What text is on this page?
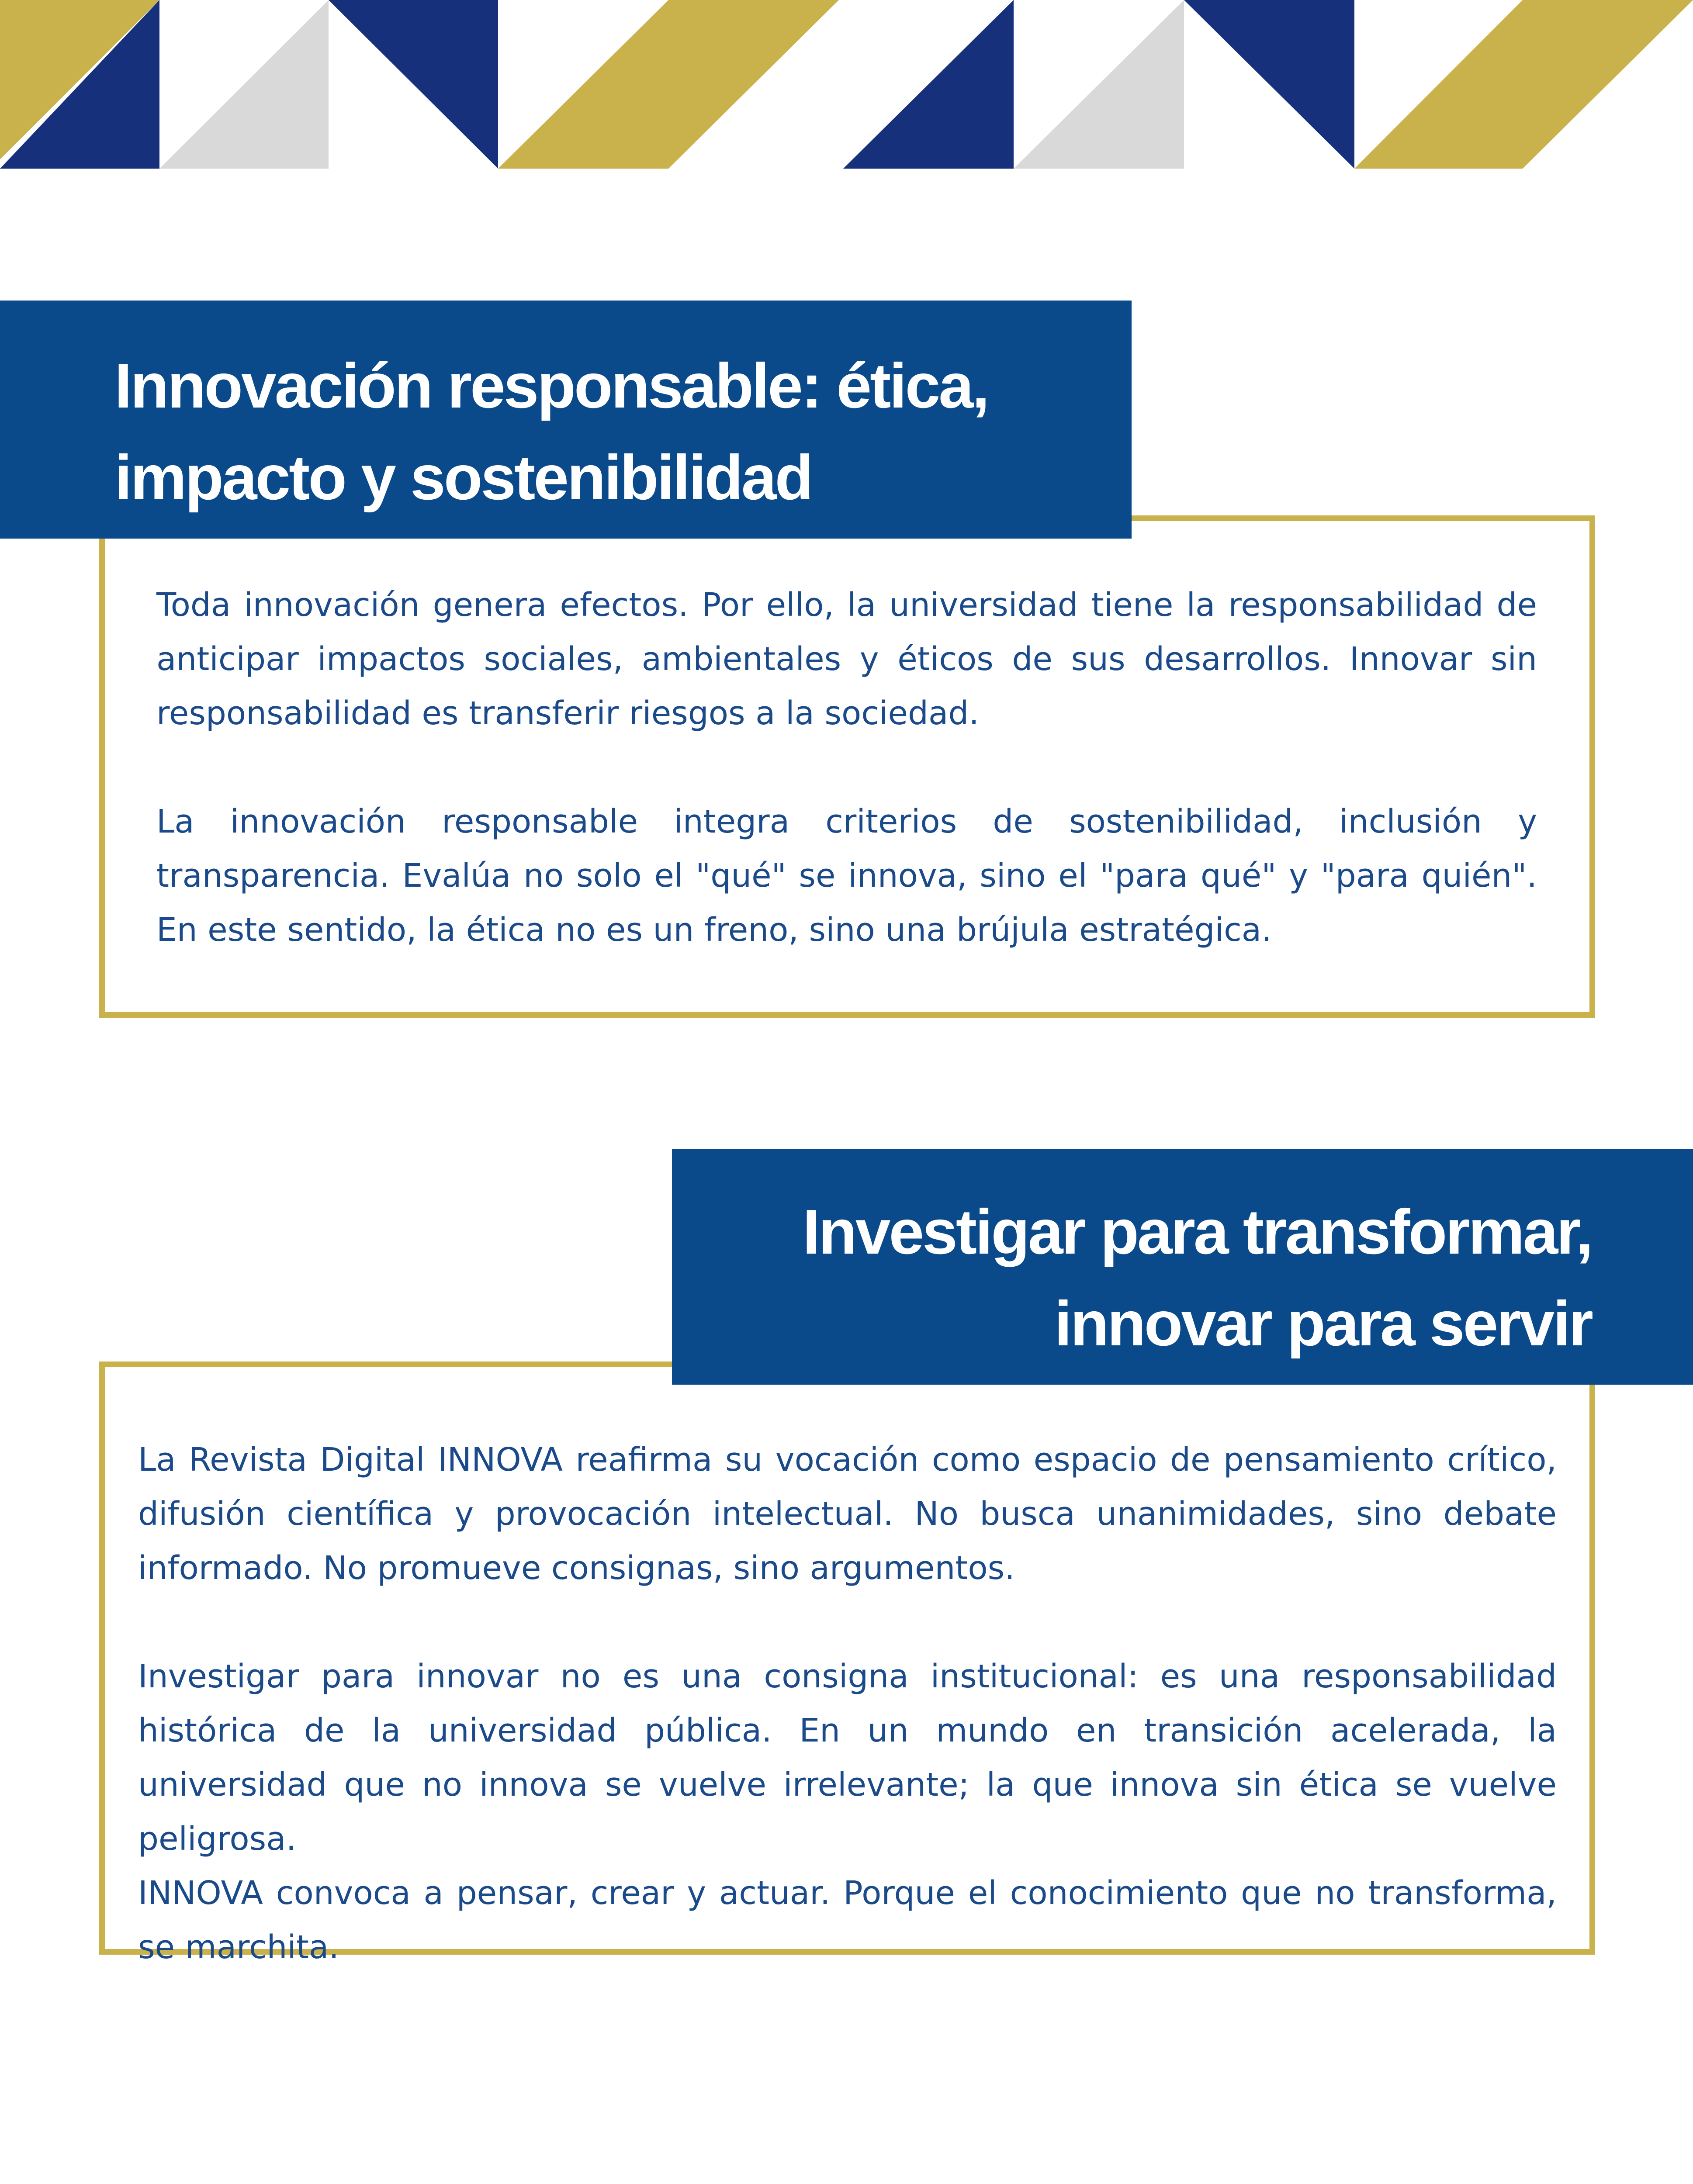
Toda innovación genera efectos. Por ello, la universidad tiene la responsabilidad de anticipar impactos sociales, ambientales y éticos de sus desarrollos. Innovar sin responsabilidad es transferir riesgos a la sociedad.

La innovación responsable integra criterios de sostenibilidad, inclusión y transparencia. Evalúa no solo el "qué" se innova, sino el "para qué" y "para quién". En este sentido, la ética no es un freno, sino una brújula estratégica.

Innovación responsable: ética,
impacto y sostenibilidad

La Revista Digital INNOVA reafirma su vocación como espacio de pensamiento crítico, difusión científica y provocación intelectual. No busca unanimidades, sino debate informado. No promueve consignas, sino argumentos.

Investigar para innovar no es una consigna institucional: es una responsabilidad histórica de la universidad pública. En un mundo en transición acelerada, la universidad que no innova se vuelve irrelevante; la que innova sin ética se vuelve peligrosa.

INNOVA convoca a pensar, crear y actuar. Porque el conocimiento que no transforma, se marchita.

Investigar para transformar,
innovar para servir
